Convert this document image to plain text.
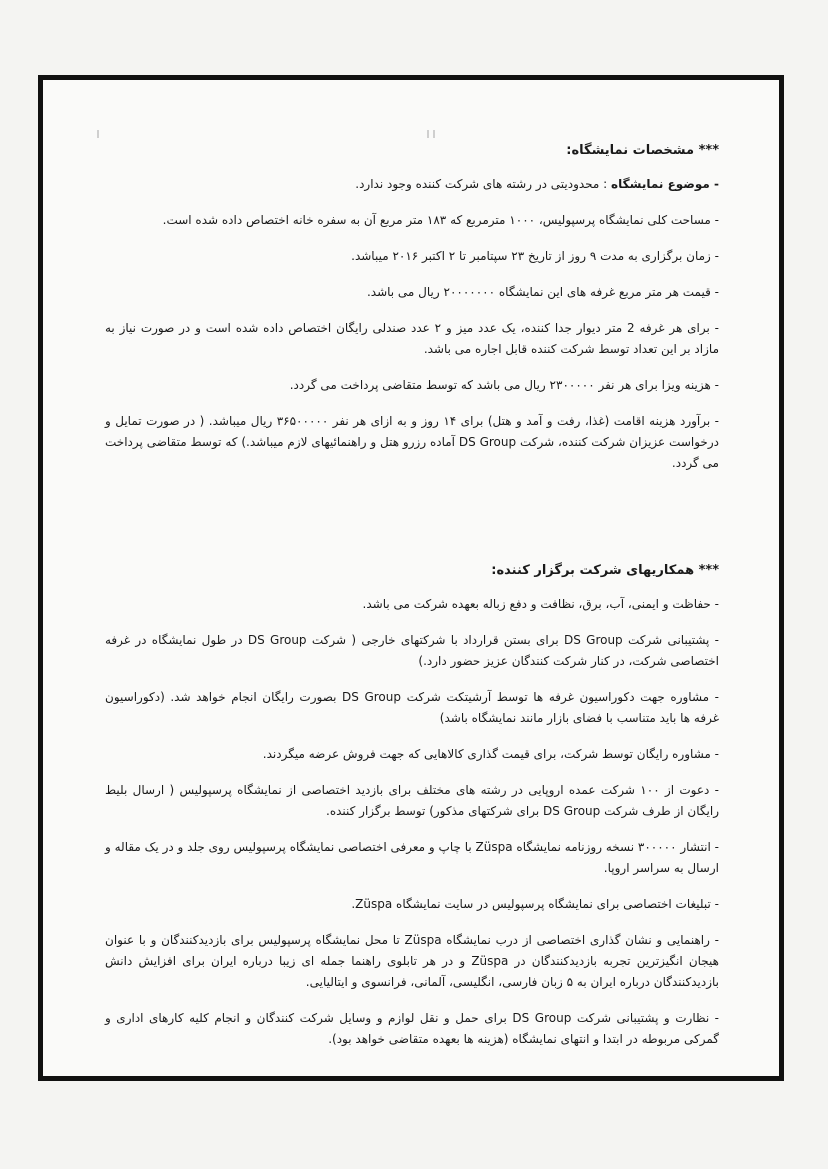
*** مشخصات نمایشگاه:

- موضوع نمایشگاه : محدودیتی در رشته های شرکت کننده وجود ندارد.

- مساحت کلی نمایشگاه پرسپولیس، ۱۰۰۰ مترمربع که ۱۸۳ متر مربع آن به سفره خانه اختصاص داده شده است.

- زمان برگزاری به مدت ۹ روز از تاریخ ۲۳ سپتامبر تا ۲ اکتبر ۲۰۱۶ میباشد.

- قیمت هر متر مربع غرفه های این نمایشگاه ۲۰۰۰۰۰۰۰ ریال می باشد.

- برای هر غرفه 2 متر دیوار جدا کننده، یک عدد میز و ۲ عدد صندلی رایگان اختصاص داده شده است و در صورت نیاز به مازاد بر این تعداد توسط شرکت کننده قابل اجاره می باشد.

- هزینه ویزا برای هر نفر ۲۳۰۰۰۰۰ ریال می باشد که توسط متقاضی پرداخت می گردد.

- برآورد هزینه اقامت (غذا، رفت و آمد و هتل) برای ۱۴ روز و به ازای هر نفر ۳۶۵۰۰۰۰۰ ریال میباشد. ( در صورت تمایل و درخواست عزیزان شرکت کننده، شرکت DS Group آماده رزرو هتل و راهنمائیهای لازم میباشد.) که توسط متقاضی پرداخت می گردد.

*** همکاریهای شرکت برگزار کننده:

- حفاظت و ایمنی، آب، برق، نظافت و دفع زباله بعهده شرکت می باشد.

- پشتیبانی شرکت DS Group برای بستن قرارداد با شرکتهای خارجی ( شرکت DS Group در طول نمایشگاه در غرفه اختصاصی شرکت، در کنار شرکت کنندگان عزیز حضور دارد.)

- مشاوره جهت دکوراسیون غرفه ها توسط آرشیتکت شرکت DS Group بصورت رایگان انجام خواهد شد. (دکوراسیون غرفه ها باید متناسب با فضای بازار مانند نمایشگاه باشد)

- مشاوره رایگان توسط شرکت، برای قیمت گذاری کالاهایی که جهت فروش عرضه میگردند.

- دعوت از ۱۰۰ شرکت عمده اروپایی در رشته های مختلف برای بازدید اختصاصی از نمایشگاه پرسپولیس ( ارسال بلیط رایگان از طرف شرکت DS Group برای شرکتهای مذکور) توسط برگزار کننده.

- انتشار ۳۰۰۰۰۰ نسخه روزنامه نمایشگاه Züspa با چاپ و معرفی اختصاصی نمایشگاه پرسپولیس روی جلد و در یک مقاله و ارسال به سراسر اروپا.

- تبلیغات اختصاصی برای نمایشگاه پرسپولیس در سایت نمایشگاه Züspa.

- راهنمایی و نشان گذاری اختصاصی از درب نمایشگاه Züspa تا محل نمایشگاه پرسپولیس برای بازدیدکنندگان و با عنوان هیجان انگیزترین تجربه بازدیدکنندگان در Züspa و در هر تابلوی راهنما جمله ای زیبا درباره ایران برای افزایش دانش بازدیدکنندگان درباره ایران به ۵ زبان فارسی، انگلیسی، آلمانی، فرانسوی و ایتالیایی.

- نظارت و پشتیبانی شرکت DS Group برای حمل و نقل لوازم و وسایل شرکت کنندگان و انجام کلیه کارهای اداری و گمرکی مربوطه در ابتدا و انتهای نمایشگاه (هزینه ها بعهده متقاضی خواهد بود).
